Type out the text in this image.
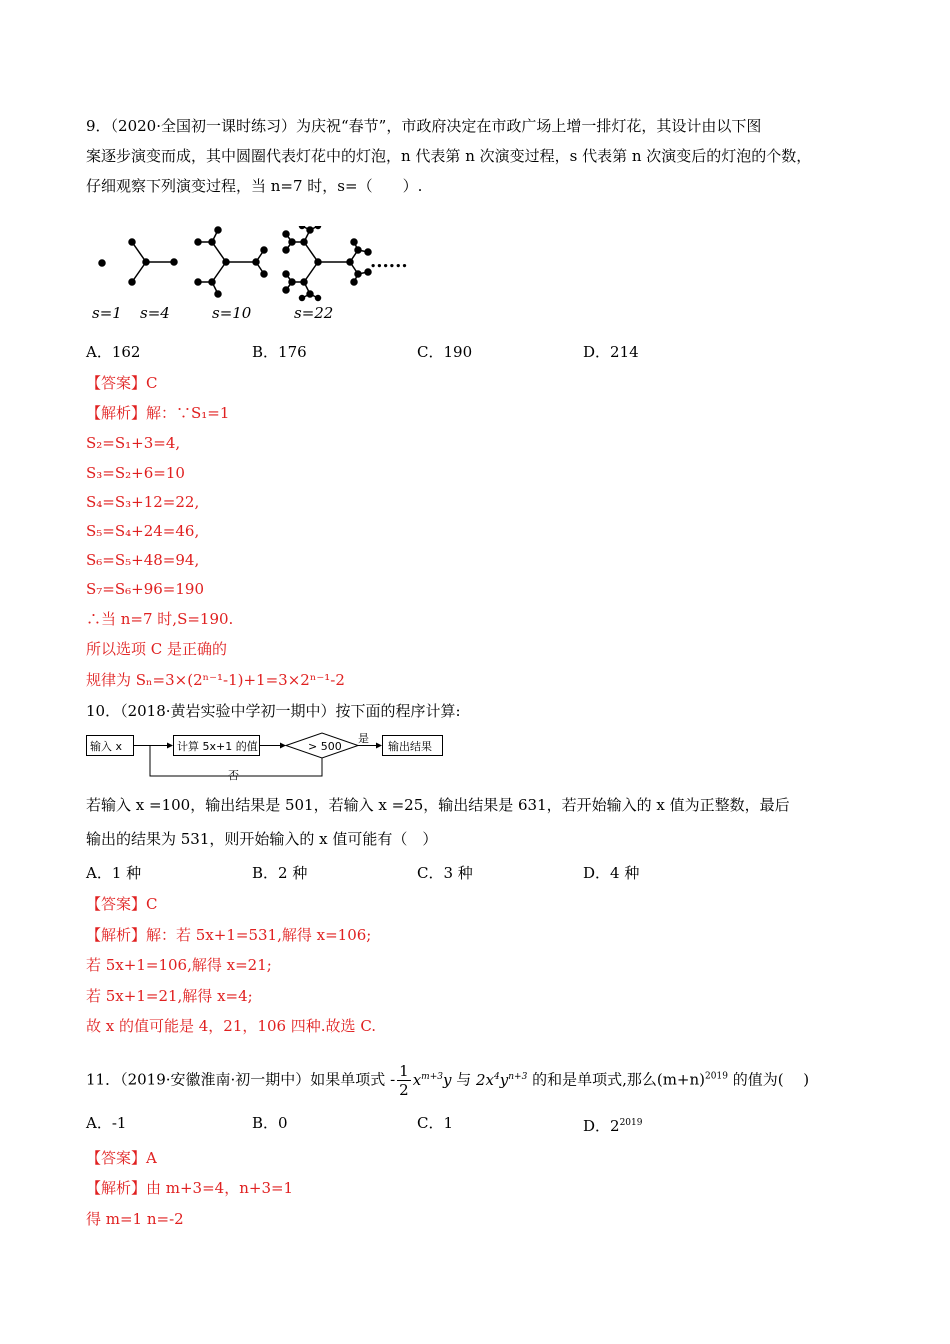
9．（2020·全国初一课时练习）为庆祝“春节”，市政府决定在市政广场上增一排灯花，其设计由以下图
案逐步演变而成，其中圆圈代表灯花中的灯泡，n 代表第 n 次演变过程，s 代表第 n 次演变后的灯泡的个数，
仔细观察下列演变过程，当 n=7 时，s=（　　）.
......
s=1 s=4	s=10	s=22
A．162	B．176	C．190	D．214
【答案】C
【解析】解：∵S₁=1
S₂=S₁+3=4,
S₃=S₂+6=10
S₄=S₃+12=22,
S₅=S₄+24=46,
S₆=S₅+48=94,
S₇=S₆+96=190
∴当 n=7 时,S=190.
所以选项 C 是正确的
规律为 Sₙ=3×(2ⁿ⁻¹-1)+1=3×2ⁿ⁻¹-2
10．（2018·黄岩实验中学初一期中）按下面的程序计算:
输入 x	计算 5x+1 的值	> 500
是
输出结果
否
若输入 x =100，输出结果是 501，若输入 x =25，输出结果是 631，若开始输入的 x 值为正整数，最后
输出的结果为 531，则开始输入的 x 值可能有（　）
A．1 种	B．2 种	C．3 种	D．4 种
【答案】C
【解析】解：若 5x+1=531,解得 x=106;
若 5x+1=106,解得 x=21;
若 5x+1=21,解得 x=4;
故 x 的值可能是 4，21，106 四种.故选 C.
11．（2019·安徽淮南·初一期中）如果单项式 - $\frac{1}{2} x^{m+3}y$ 与 $2x^4y^{n+3}$ 的和是单项式,那么$(m+n)^{2019}$ 的值为(　 )
A．-1	B．0	C．1	D．$2^{2019}$
【答案】A
【解析】由 m+3=4，n+3=1
得 m=1 n=-2
